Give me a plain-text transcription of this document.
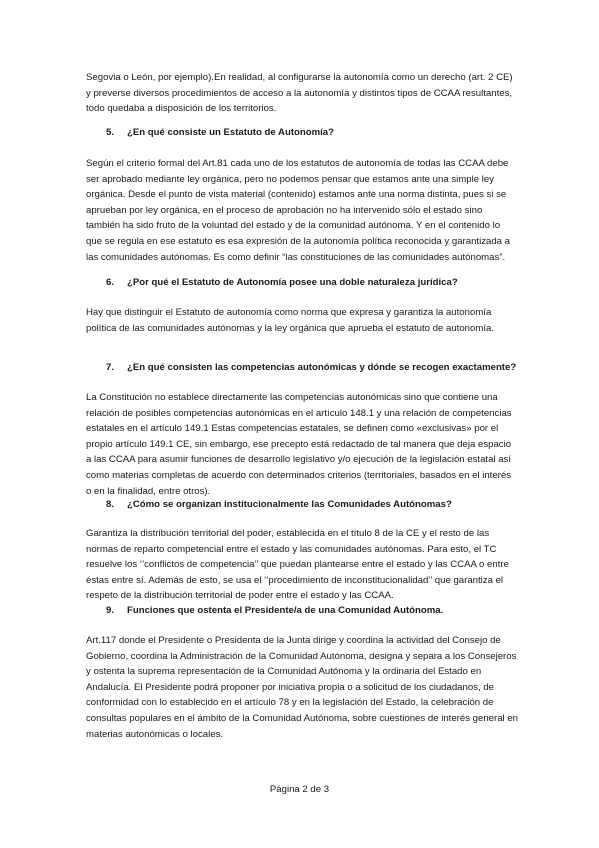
Segovia o León, por ejemplo).En realidad, al configurarse la autonomía como un derecho (art. 2 CE) y preverse diversos procedimientos de acceso a la autonomía y distintos tipos de CCAA resultantes, todo quedaba a disposición de los territorios.

5.	¿En qué consiste un Estatuto de Autonomía?

Según el criterio formal del Art.81 cada uno de los estatutos de autonomía de todas las CCAA debe ser aprobado mediante ley orgánica, pero no podemos pensar que estamos ante una simple ley orgánica. Desde el punto de vista material (contenido) estamos ante una norma distinta, pues si se aprueban por ley orgánica, en el proceso de aprobación no ha intervenido sólo el estado sino también ha sido fruto de la voluntad del estado y de la comunidad autónoma. Y en el contenido lo que se regula en ese estatuto es esa expresión de la autonomía política reconocida y garantizada a las comunidades autónomas. Es como definir “las constituciones de las comunidades autónomas”.

6.	¿Por qué el Estatuto de Autonomía posee una doble naturaleza jurídica?

Hay que distinguir el Estatuto de autonomía como norma que expresa y garantiza la autonomía política de las comunidades autónomas y la ley orgánica que aprueba el estatuto de autonomía.

7.	¿En qué consisten las competencias autonómicas y dónde se recogen exactamente?

La Constitución no establece directamente las competencias autonómicas sino que contiene una relación de posibles competencias autonómicas en el artículo 148.1 y una relación de competencias estatales en el artículo 149.1 Estas competencias estatales, se definen como «exclusivas» por el propio artículo 149.1 CE, sin embargo, ese precepto está redactado de tal manera que deja espacio a las CCAA para asumir funciones de desarrollo legislativo y/o ejecución de la legislación estatal así como materias completas de acuerdo con determinados criterios (territoriales, basados en el interés o en la finalidad, entre otros).

8.	¿Cómo se organizan institucionalmente las Comunidades Autónomas?

Garantiza la distribución territorial del poder, establecida en el título 8 de la CE y el resto de las normas de reparto competencial entre el estado y las comunidades autónomas. Para esto, el TC resuelve los ‘’conflictos de competencia’’ que puedan plantearse entre el estado y las CCAA o entre éstas entre sí. Además de esto, se usa el ‘’procedimiento de inconstitucionalidad’’ que garantiza el respeto de la distribución territorial de poder entre el estado y las CCAA.

9.	Funciones que ostenta el Presidente/a de una Comunidad Autónoma.

Art.117 donde el Presidente o Presidenta de la Junta dirige y coordina la actividad del Consejo de Gobierno, coordina la Administración de la Comunidad Autónoma, designa y separa a los Consejeros y ostenta la suprema representación de la Comunidad Autónoma y la ordinaria del Estado en Andalucía. El Presidente podrá proponer por iniciativa propia o a solicitud de los ciudadanos, de conformidad con lo establecido en el artículo 78 y en la legislación del Estado, la celebración de consultas populares en el ámbito de la Comunidad Autónoma, sobre cuestiones de interés general en materias autonómicas o locales.

Página 2 de 3
